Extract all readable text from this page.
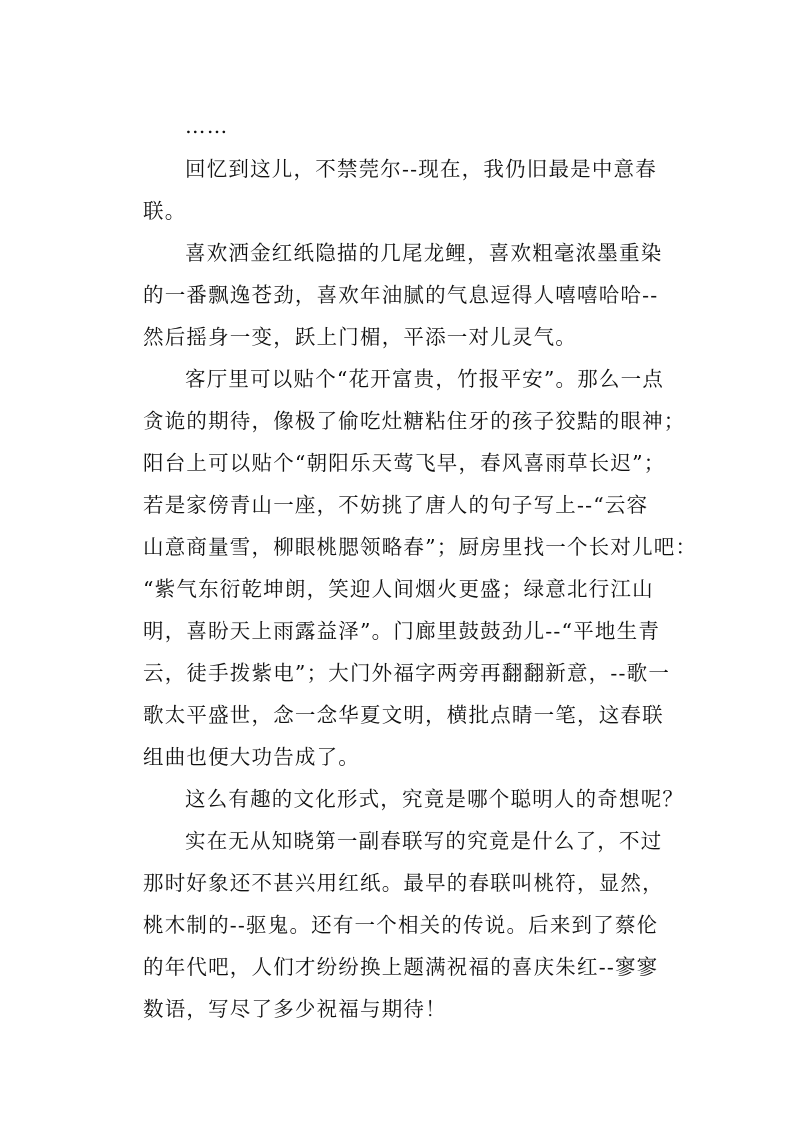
……
回忆到这儿，不禁莞尔--现在，我仍旧最是中意春
联。
喜欢洒金红纸隐描的几尾龙鲤，喜欢粗毫浓墨重染
的一番飘逸苍劲，喜欢年油腻的气息逗得人嘻嘻哈哈--
然后摇身一变，跃上门楣，平添一对儿灵气。
客厅里可以贴个“花开富贵，竹报平安”。那么一点
贪诡的期待，像极了偷吃灶糖粘住牙的孩子狡黠的眼神；
阳台上可以贴个“朝阳乐天莺飞早，春风喜雨草长迟”；
若是家傍青山一座，不妨挑了唐人的句子写上--“云容
山意商量雪，柳眼桃腮领略春”；厨房里找一个长对儿吧：
“紫气东衍乾坤朗，笑迎人间烟火更盛；绿意北行江山
明，喜盼天上雨露益泽”。门廊里鼓鼓劲儿--“平地生青
云，徒手拨紫电”；大门外福字两旁再翻翻新意，--歌一
歌太平盛世，念一念华夏文明，横批点睛一笔，这春联
组曲也便大功告成了。
这么有趣的文化形式，究竟是哪个聪明人的奇想呢？
实在无从知晓第一副春联写的究竟是什么了，不过
那时好象还不甚兴用红纸。最早的春联叫桃符，显然，
桃木制的--驱鬼。还有一个相关的传说。后来到了蔡伦
的年代吧，人们才纷纷换上题满祝福的喜庆朱红--寥寥
数语，写尽了多少祝福与期待！
